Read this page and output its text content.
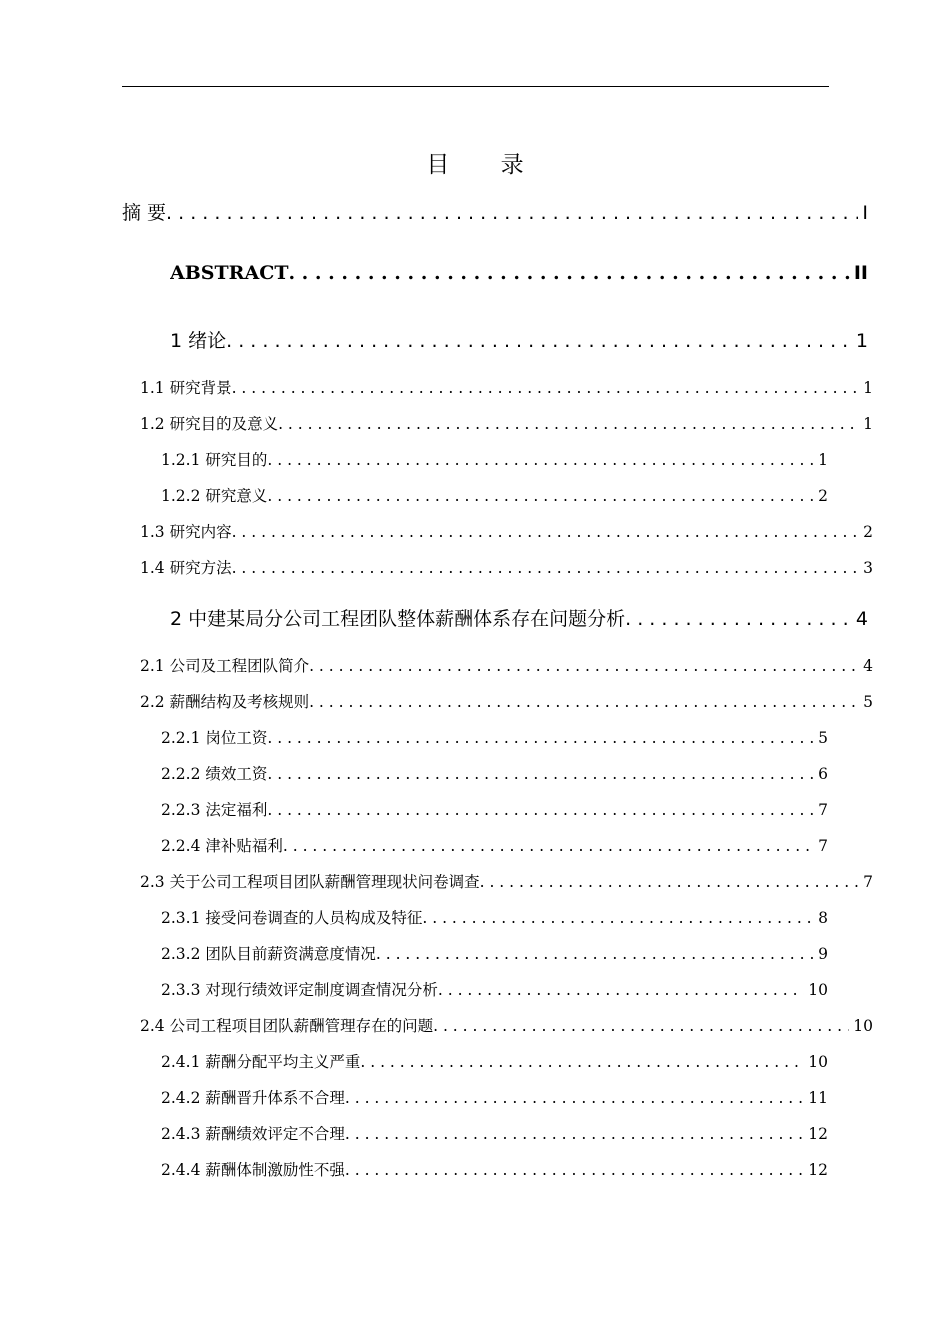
目 录
摘 要 . . .	I
ABSTRACT . . .	II
1 绪论 . . .	1
1.1 研究背景 . . .	1
1.2 研究目的及意义 . . .	1
1.2.1 研究目的 . . .	1
1.2.2 研究意义 . . .	2
1.3 研究内容 . . .	2
1.4 研究方法 . . .	3
2 中建某局分公司工程团队整体薪酬体系存在问题分析 . . .	4
2.1 公司及工程团队简介 . . .	4
2.2 薪酬结构及考核规则 . . .	5
2.2.1 岗位工资 . . .	5
2.2.2 绩效工资 . . .	6
2.2.3 法定福利 . . .	7
2.2.4 津补贴福利 . . .	7
2.3 关于公司工程项目团队薪酬管理现状问卷调查 . . .	7
2.3.1 接受问卷调查的人员构成及特征 . . .	8
2.3.2 团队目前薪资满意度情况 . . .	9
2.3.3 对现行绩效评定制度调查情况分析 . . .	10
2.4 公司工程项目团队薪酬管理存在的问题 . . .	10
2.4.1 薪酬分配平均主义严重 . . .	10
2.4.2 薪酬晋升体系不合理 . . .	11
2.4.3 薪酬绩效评定不合理 . . .	12
2.4.4 薪酬体制激励性不强 . . .	12
